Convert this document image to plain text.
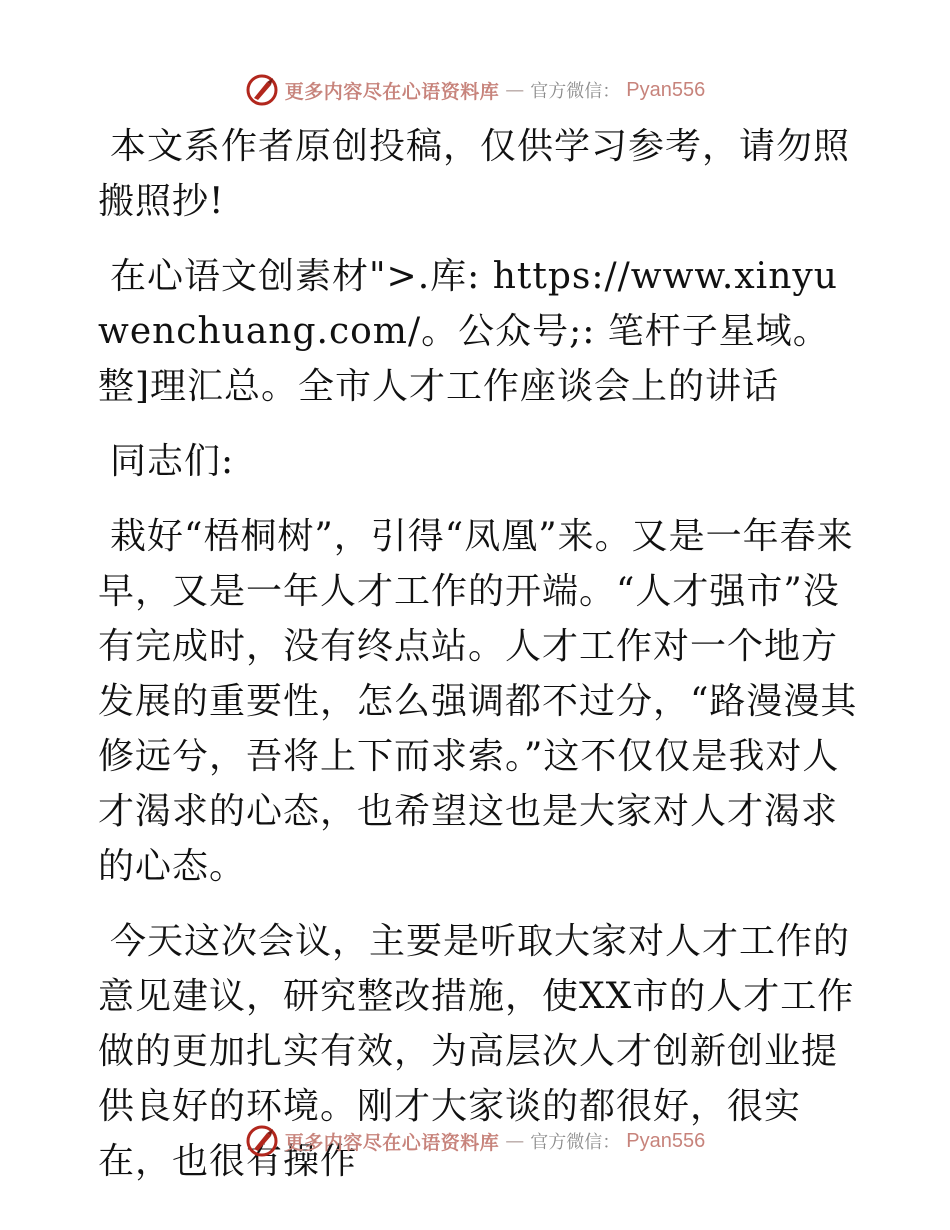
更多内容尽在心语资料库 — 官方微信： Pyan556

本文系作者原创投稿，仅供学习参考，请勿照搬照抄!

在心语文创素材">.库: https://www.xinyuwenchuang.com/。公众号;: 笔杆子星域。整]理汇总。全市人才工作座谈会上的讲话

同志们:

栽好“梧桐树”，引得“凤凰”来。又是一年春来早，又是一年人才工作的开端。“人才强市”没有完成时，没有终点站。人才工作对一个地方发展的重要性，怎么强调都不过分，“路漫漫其修远兮，吾将上下而求索。”这不仅仅是我对人才渴求的心态，也希望这也是大家对人才渴求的心态。

今天这次会议，主要是听取大家对人才工作的意见建议，研究整改措施，使XX市的人才工作做的更加扎实有效，为高层次人才创新创业提供良好的环境。刚才大家谈的都很好，很实在，也很有操作

更多内容尽在心语资料库 — 官方微信： Pyan556
